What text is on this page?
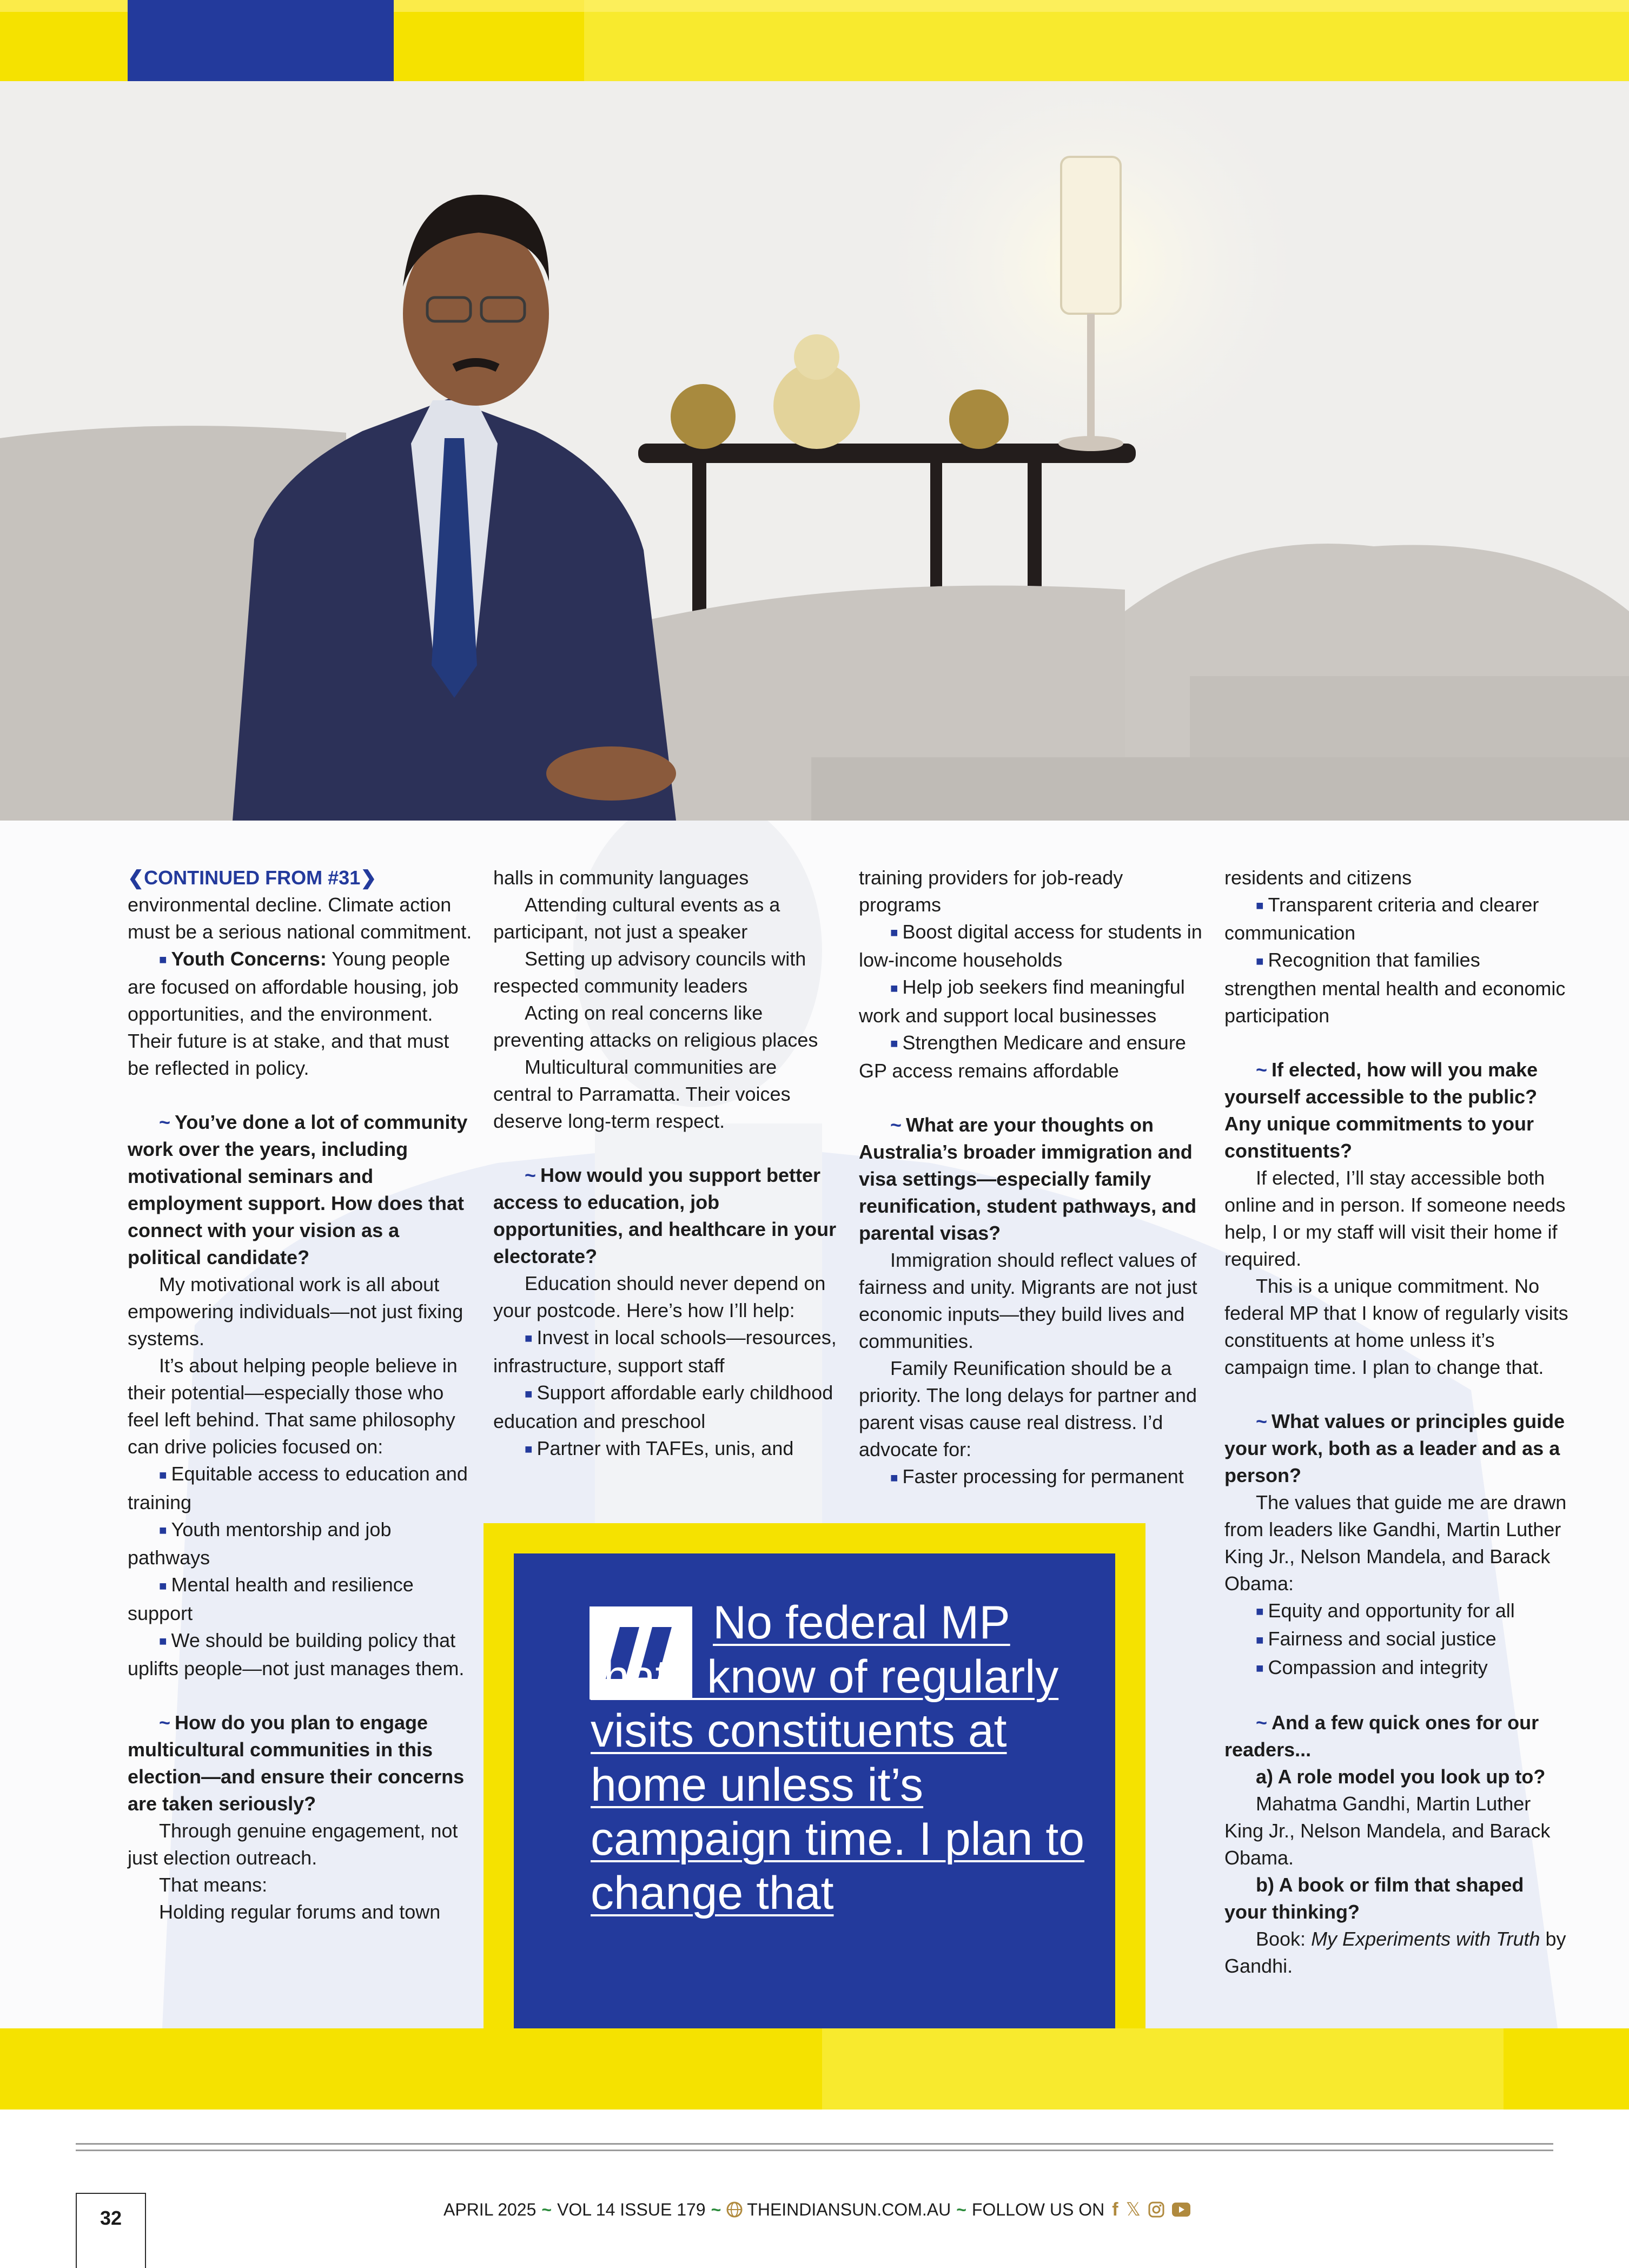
❮CONTINUED FROM #31❯

environmental decline. Climate action must be a serious national commitment.

■ Youth Concerns: Young people are focused on affordable housing, job opportunities, and the environment. Their future is at stake, and that must be reflected in policy.

~ You’ve done a lot of community work over the years, including motivational seminars and employment support. How does that connect with your vision as a political candidate?

My motivational work is all about empowering individuals—not just fixing systems.

It’s about helping people believe in their potential—especially those who feel left behind. That same philosophy can drive policies focused on:

■ Equitable access to education and training

■ Youth mentorship and job pathways

■ Mental health and resilience support

■ We should be building policy that uplifts people—not just manages them.

~ How do you plan to engage multicultural communities in this election—and ensure their concerns are taken seriously?

Through genuine engagement, not just election outreach.

That means:

Holding regular forums and town

halls in community languages

Attending cultural events as a participant, not just a speaker

Setting up advisory councils with respected community leaders

Acting on real concerns like preventing attacks on religious places

Multicultural communities are central to Parramatta. Their voices deserve long-term respect.

~ How would you support better access to education, job opportunities, and healthcare in your electorate?

Education should never depend on your postcode. Here’s how I’ll help:

■ Invest in local schools—resources, infrastructure, support staff

■ Support affordable early childhood education and preschool

■ Partner with TAFEs, unis, and

training providers for job-ready programs

■ Boost digital access for students in low-income households

■ Help job seekers find meaningful work and support local businesses

■ Strengthen Medicare and ensure GP access remains affordable

~ What are your thoughts on Australia’s broader immigration and visa settings—especially family reunification, student pathways, and parental visas?

Immigration should reflect values of fairness and unity. Migrants are not just economic inputs—they build lives and communities.

Family Reunification should be a priority. The long delays for partner and parent visas cause real distress. I’d advocate for:

■ Faster processing for permanent

residents and citizens

■ Transparent criteria and clearer communication

■ Recognition that families strengthen mental health and economic participation

~ If elected, how will you make yourself accessible to the public? Any unique commitments to your constituents?

If elected, I’ll stay accessible both online and in person. If someone needs help, I or my staff will visit their home if required.

This is a unique commitment. No federal MP that I know of regularly visits constituents at home unless it’s campaign time. I plan to change that.

~ What values or principles guide your work, both as a leader and as a person?

The values that guide me are drawn from leaders like Gandhi, Martin Luther King Jr., Nelson Mandela, and Barack Obama:

■ Equity and opportunity for all

■ Fairness and social justice

■ Compassion and integrity

~ And a few quick ones for our readers...

a) A role model you look up to?

Mahatma Gandhi, Martin Luther King Jr., Nelson Mandela, and Barack Obama.

b) A book or film that shaped your thinking?

Book: My Experiments with Truth by Gandhi.

No federal MP that I know of regularly visits constituents at home unless it’s campaign time. I plan to change that
32	APRIL 2025 ~ VOL 14 ISSUE 179 ~ THEINDIANSUN.COM.AU ~ FOLLOW US ON f 𝕏
